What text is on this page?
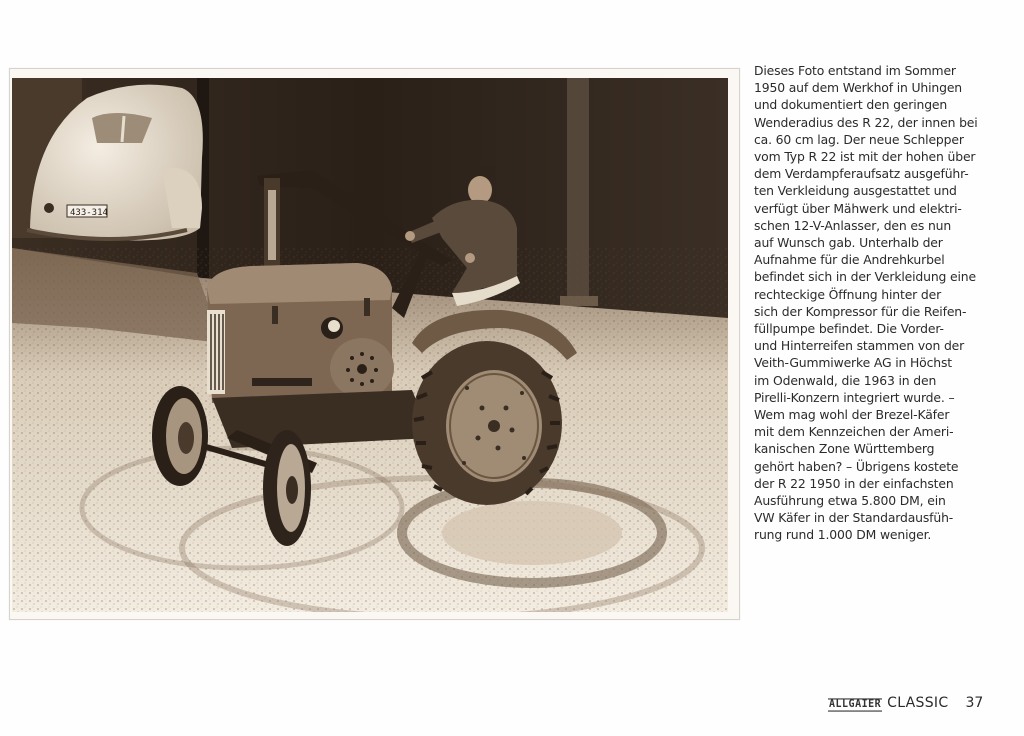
433-314
Dieses Foto entstand im Sommer
1950 auf dem Werkhof in Uhingen
und dokumentiert den geringen
Wenderadius des R 22, der innen bei
ca. 60 cm lag. Der neue Schlepper
vom Typ R 22 ist mit der hohen über
dem Verdampferaufsatz ausgeführ-
ten Verkleidung ausgestattet und
verfügt über Mähwerk und elektri-
schen 12-V-Anlasser, den es nun
auf Wunsch gab. Unterhalb der
Aufnahme für die Andrehkurbel
befindet sich in der Verkleidung eine
rechteckige Öffnung hinter der
sich der Kompressor für die Reifen-
füllpumpe befindet. Die Vorder-
und Hinterreifen stammen von der
Veith-Gummiwerke AG in Höchst
im Odenwald, die 1963 in den
Pirelli-Konzern integriert wurde. –
Wem mag wohl der Brezel-Käfer
mit dem Kennzeichen der Ameri-
kanischen Zone Württemberg
gehört haben? – Übrigens kostete
der R 22 1950 in der einfachsten
Ausführung etwa 5.800 DM, ein
VW Käfer in der Standardausfüh-
rung rund 1.000 DM weniger.
ALLGAIER CLASSIC 37
